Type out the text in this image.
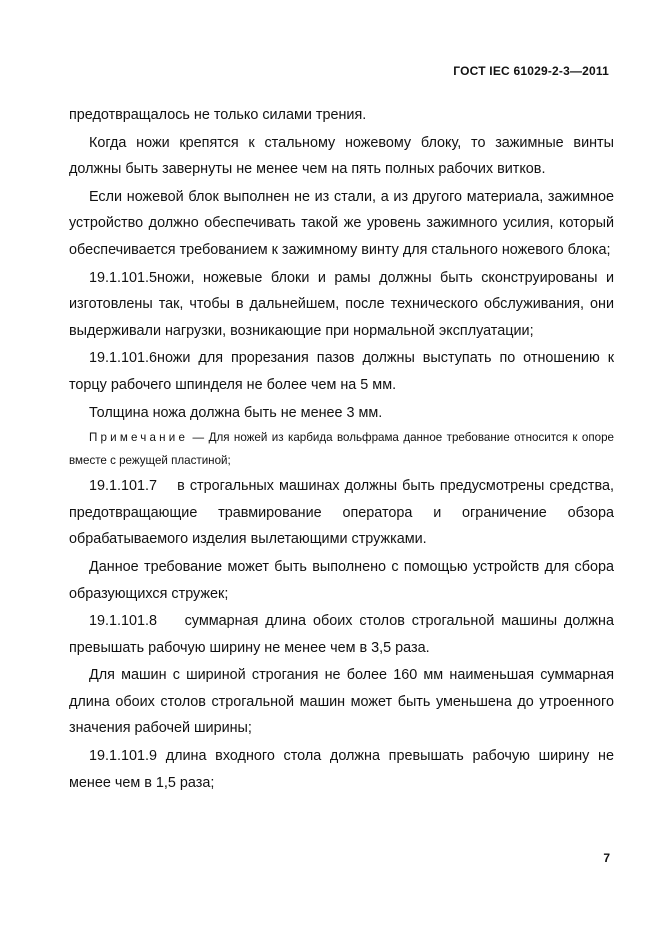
ГОСТ IEC 61029-2-3—2011

предотвращалось не только силами трения.

Когда ножи крепятся к стальному ножевому блоку, то зажимные винты должны быть завернуты не менее чем на пять полных рабочих витков.

Если ножевой блок выполнен не из стали, а из другого материала, зажимное устройство должно обеспечивать такой же уровень зажимного усилия, который обеспечивается требованием к зажимному винту для стального ножевого блока;

19.1.101.5ножи, ножевые блоки и рамы должны быть сконструированы и изготовлены так, чтобы в дальнейшем, после технического обслуживания, они выдерживали нагрузки, возникающие при нормальной эксплуатации;

19.1.101.6ножи для прорезания пазов должны выступать по отношению к торцу рабочего шпинделя не более чем на 5 мм.

Толщина ножа должна быть не менее 3 мм.

Примечание — Для ножей из карбида вольфрама данное требование относится к опоре вместе с режущей пластиной;

19.1.101.7    в строгальных машинах должны быть предусмотрены средства, предотвращающие травмирование оператора и ограничение обзора обрабатываемого изделия вылетающими стружками.

Данное требование может быть выполнено с помощью устройств для сбора образующихся стружек;

19.1.101.8    суммарная длина обоих столов строгальной машины должна превышать рабочую ширину не менее чем в 3,5 раза.

Для машин с шириной строгания не более 160 мм наименьшая суммарная длина обоих столов строгальной машин может быть уменьшена до утроенного значения рабочей ширины;

19.1.101.9 длина входного стола должна превышать рабочую ширину не менее чем в 1,5 раза;

7
